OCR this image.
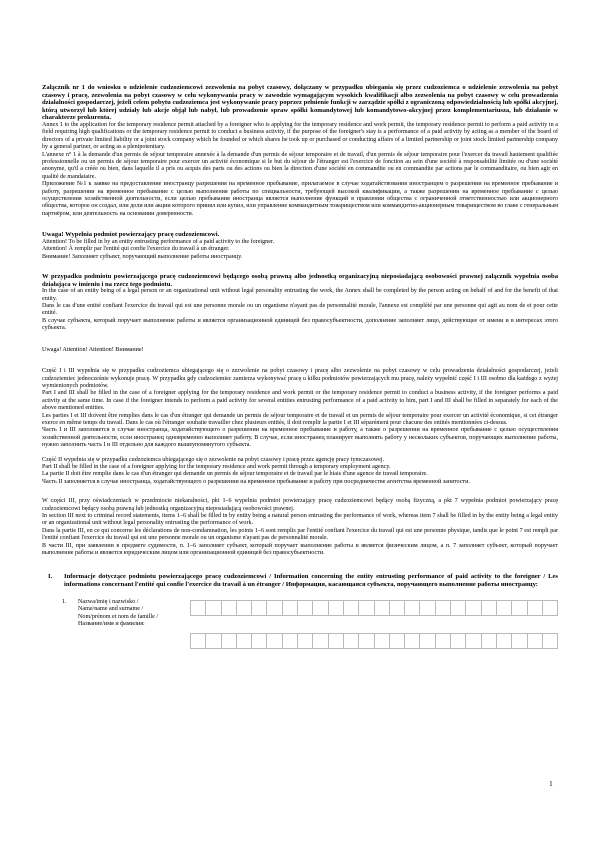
Załącznik nr 1 do wniosku o udzielenie cudzoziemcowi zezwolenia na pobyt czasowy, dołączany w przypadku ubiegania się przez cudzoziemca o udzielenie zezwolenia na pobyt czasowy i pracę, zezwolenia na pobyt czasowy w celu wykonywania pracy w zawodzie wymagającym wysokich kwalifikacji albo zezwolenia na pobyt czasowy w celu prowadzenia działalności gospodarczej, jeżeli celem pobytu cudzoziemca jest wykonywanie pracy poprzez pełnienie funkcji w zarządzie spółki z ograniczoną odpowiedzialnością lub spółki akcyjnej, którą utworzył lub której udziały lub akcje objął lub nabył, lub prowadzenie spraw spółki komandytowej lub komandytowo-akcyjnej przez komplementariusza, lub działanie w charakterze prokurenta.

Annex 1 to the application for the temporary residence permit attached by a foreigner who is applying for the temporary residence and work permit, the temporary residence permit to perform a paid activity in a field requiring high qualifications or the temporary residence permit to conduct a business activity, if the purpose of the foreigner's stay is a performance of a paid activity by acting as a member of the board of directors of a private limited liability or a joint stock company which he founded or which shares he took up or purchased or conducting affairs of a limited partnership or joint stock limited partnership company by a general partner, or acting as a plenipotentiary.

L'annexe n° 1 à la demande d'un permis de séjour temporaire annexée à la demande d'un permis de séjour temporaire et de travail, d'un permis de séjour temporaire pour l'exercer du travail hautement qualifiée professionnelle ou un permis de séjour temporaire pour exercer un activité économique si le but du séjour de l'étranger est l'exercice de fonction au sein d'une société à responsabilité limitée ou d'une société anonyme, qu'il a créée ou bien, dans laquelle il a pris ou acquis des parts ou des actions ou bien la direction d'une société en commandite ou en commandite par actions par le commanditaire, ou bien agir en qualité de mandataire.

Приложение №1 к заявке на предоставление иностранцу разрешения на временное пребывание, прилагаемое в случае ходатайствования иностранцем о разрешении на временное пребывание и работу, разрешении на временное пребывание с целью выполнения работы по специальности, требующей высокой квалификации, а также разрешении на временное пребывание с целью осуществления хозяйственной деятельности, если целью пребывания иностранца является выполнение функций в правлении общества с ограниченной ответственностью или акционерного общества, которое он создал, или доли или акции которого принял или купил, или управление коммандитным товариществом или коммандитно-акционерным товариществом во главе с генеральным партнёром, или деятельность на основании доверенности.

Uwaga! Wypełnia podmiot powierzający pracę cudzoziemcowi.

Attention! To be filled in by an entity entrusting performance of a paid activity to the foreigner.

Attention! À remplir par l'entité qui confie l'exercice du travail à un étranger.

Внимание! Заполняет субъект, поручающий выполнение работы иностранцу.

W przypadku podmiotu powierzającego pracę cudzoziemcowi będącego osobą prawną albo jednostką organizacyjną nieposiadającą osobowości prawnej załącznik wypełnia osoba działająca w imieniu i na rzecz tego podmiotu.

In the case of an entity being of a legal person or an organizational unit without legal personality entrusting the work, the Annex shall be completed by the person acting on behalf of and for the benefit of that entity.

Dans le cas d'une entité confiant l'exercice du travail qui est une personne morale ou un organisme n'ayant pas de personnalité morale, l'annexe est complété par une personne qui agit au nom de et pour cette entité.

В случае субъекта, который поручает выполнение работы и является организационной единицей без правосубъектности, дополнение заполняет лицо, действующее от имени и в интересах этого субъекта.

Uwaga! Attention! Attention! Внимание!

Część I i III wypełnia się w przypadku cudzoziemca ubiegającego się o zezwolenie na pobyt czasowy i pracę albo zezwolenie na pobyt czasowy w celu prowadzenia działalności gospodarczej, jeżeli cudzoziemiec jednocześnie wykonuje pracę. W przypadku gdy cudzoziemiec zamierza wykonywać pracę u kilku podmiotów powierzających mu pracę, należy wypełnić część I i III osobno dla każdego z wyżej wymienionych podmiotów.

Part I and III shall be filled in the case of a foreigner applying for the temporary residence and work permit or the temporary residence permit to conduct a business activity, if the foreigner performs a paid activity at the same time. In case if the foreigner intends to perform a paid activity for several entities entrusting performance of a paid activity to him, part I and III shall be filled in separately for each of the above mentioned entities.

Les parties I et III doivent être remplies dans le cas d'un étranger qui demande un permis de séjour temporaire et de travail et un permis de séjour temporaire pour exercer un activité économique, si cet étranger exerce en même temps du travail. Dans le cas où l'étranger souhaite travailler chez plusieurs entités, il doit remplir la partie I et III séparément pour chacune des entités mentionnées ci-dessus.

Часть I и III заполняется в случае иностранца, ходатайствующего о разрешении на временное пребывание и работу, а также о разрешении на временное пребывание с целью осуществления хозяйственной деятельности, если иностранец одновременно выполняет работу. В случае, если иностранец планирует выполнять работу у нескольких субъектов, поручающих выполнение работы, нужно заполнить часть I и III отдельно для каждого вышеупомянутого субъекта.

Część II wypełnia się w przypadku cudzoziemca ubiegającego się o zezwolenie na pobyt czasowy i pracę przez agencję pracy tymczasowej.

Part II shall be filled in the case of a foreigner applying for the temporary residence and work permit through a temporary employment agency.

La partie II doit être remplie dans le cas d'un étranger qui demande un permis de séjour temporaire et de travail par le biais d'une agence de travail temporaire.

Часть II заполняется в случае иностранца, ходатайствующего о разрешении на временное пребывание и работу при посредничестве агентства временной занятости.

W części III, przy oświadczeniach w przedmiocie niekaralności, pkt 1–6 wypełnia podmiot powierzający pracę cudzoziemcowi będący osobą fizyczną, a pkt 7 wypełnia podmiot powierzający pracę cudzoziemcowi będący osobą prawną lub jednostką organizacyjną nieposiadającą osobowości prawnej.

In section III next to criminal record statements, items 1–6 shall be filled in by entity being a natural person entrusting the performance of work, whereas item 7 shall be filled in by the entity being a legal entity or an organizational unit without legal personality entrusting the performance of work.

Dans la partie III, en ce qui concerne les déclarations de non-condamnation, les points 1–6 sont remplis par l'entité confiant l'exercice du travail qui est une personne physique, tandis que le point 7 est rempli par l'entité confiant l'exercice du travail qui est une personne morale ou un organisme n'ayant pas de personnalité morale.

В части III, при заявлении в предмете судимости, п. 1–6 заполняет субъект, который поручает выполнение работы и является физическим лицом, а п. 7 заполняет субъект, который поручает выполнение работы и является юридическим лицом или организационной единицей без правосубъектности.

I.	Informacje dotyczące podmiotu powierzającego pracę cudzoziemcowi / Information concerning the entity entrusting performance of paid activity to the foreigner / Les informations concernant l'entité qui confie l'exercice du travail à un étranger / Информация, касающаяся субъекта, поручающего выполнение работы иностранцу:

1.	Nazwa/imię i nazwisko /
Name/name and surname /
Nom/prénom et nom de famille /
Название/имя и фамилия:
1
